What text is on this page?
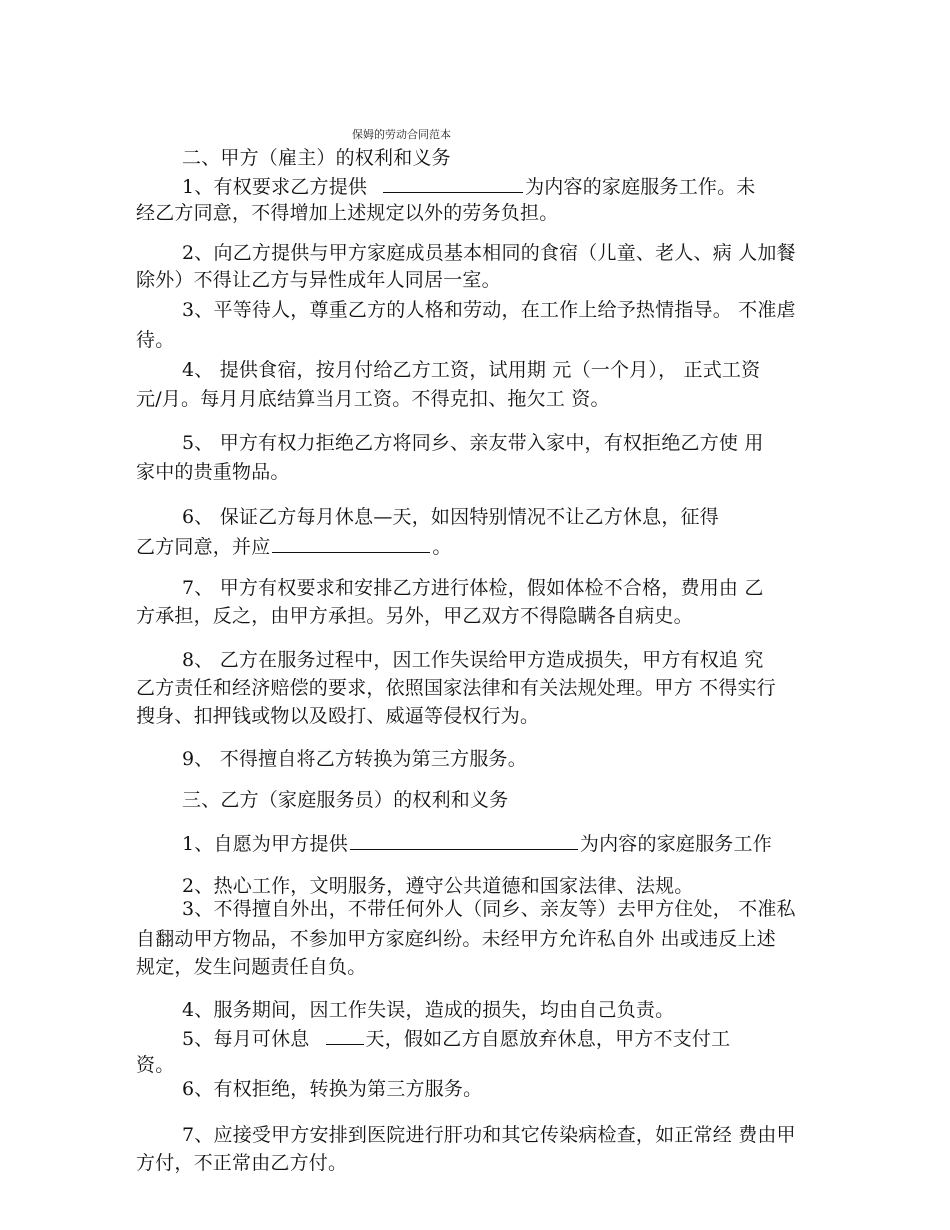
保姆的劳动合同范本
二、甲方（雇主）的权利和义务
1、有权要求乙方提供	为内容的家庭服务工作。未
经乙方同意，不得增加上述规定以外的劳务负担。
2、向乙方提供与甲方家庭成员基本相同的食宿（儿童、老人、病 人加餐
除外）不得让乙方与异性成年人同居一室。
3、平等待人，尊重乙方的人格和劳动，在工作上给予热情指导。 不准虐
待。
4、 提供食宿，按月付给乙方工资，试用期 元（一个月）， 正式工资
元/月。每月月底结算当月工资。不得克扣、拖欠工 资。
5、 甲方有权力拒绝乙方将同乡、亲友带入家中，有权拒绝乙方使 用
家中的贵重物品。
6、 保证乙方每月休息—天，如因特别情况不让乙方休息，征得
乙方同意，并应	。
7、 甲方有权要求和安排乙方进行体检，假如体检不合格，费用由 乙
方承担，反之，由甲方承担。另外，甲乙双方不得隐瞒各自病史。
8、 乙方在服务过程中，因工作失误给甲方造成损失，甲方有权追 究
乙方责任和经济赔偿的要求，依照国家法律和有关法规处理。甲方 不得实行
搜身、扣押钱或物以及殴打、威逼等侵权行为。
9、 不得擅自将乙方转换为第三方服务。
三、乙方（家庭服务员）的权利和义务
1、自愿为甲方提供	为内容的家庭服务工作
2、热心工作，文明服务，遵守公共道德和国家法律、法规。
3、不得擅自外出，不带任何外人（同乡、亲友等）去甲方住处， 不准私
自翻动甲方物品，不参加甲方家庭纠纷。未经甲方允许私自外 出或违反上述
规定，发生问题责任自负。
4、服务期间，因工作失误，造成的损失，均由自己负责。
5、每月可休息	天，假如乙方自愿放弃休息，甲方不支付工
资。
6、有权拒绝，转换为第三方服务。
7、应接受甲方安排到医院进行肝功和其它传染病检查，如正常经 费由甲
方付，不正常由乙方付。
